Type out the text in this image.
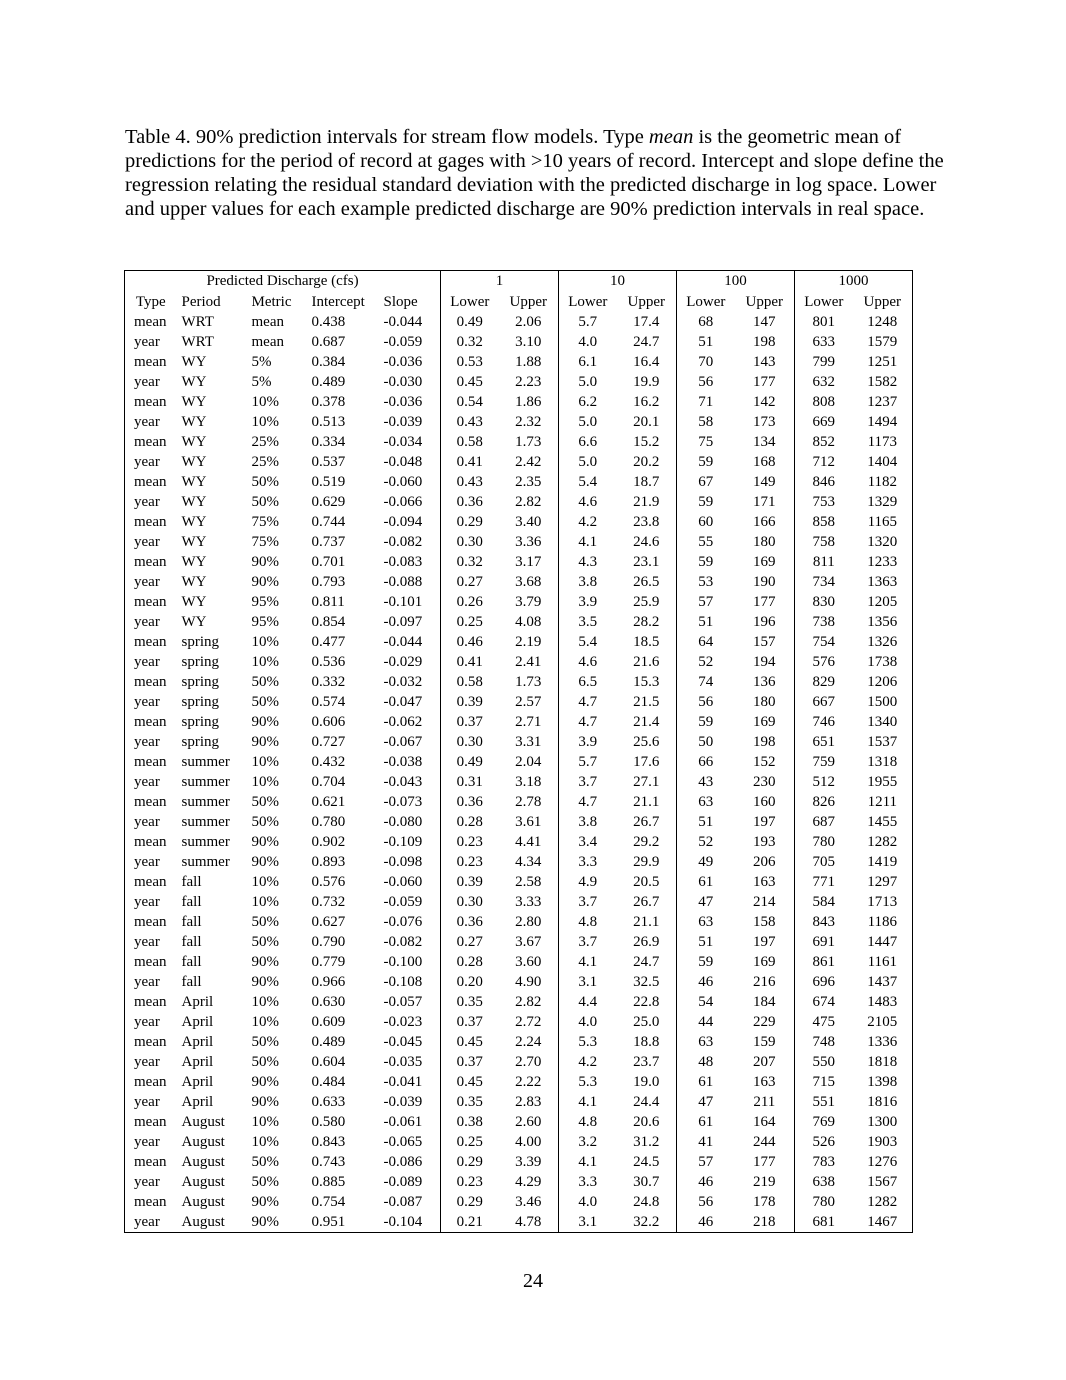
Table 4. 90% prediction intervals for stream flow models. Type mean is the geometric mean of predictions for the period of record at gages with >10 years of record. Intercept and slope define the regression relating the residual standard deviation with the predicted discharge in log space. Lower and upper values for each example predicted discharge are 90% prediction intervals in real space.

Predicted Discharge (cfs)					1		10		100		1000	
Type	Period	Metric	Intercept	Slope	Lower	Upper	Lower	Upper	Lower	Upper	Lower	Upper
mean	WRT	mean	0.438	-0.044	0.49	2.06	5.7	17.4	68	147	801	1248
year	WRT	mean	0.687	-0.059	0.32	3.10	4.0	24.7	51	198	633	1579
mean	WY	5%	0.384	-0.036	0.53	1.88	6.1	16.4	70	143	799	1251
year	WY	5%	0.489	-0.030	0.45	2.23	5.0	19.9	56	177	632	1582
mean	WY	10%	0.378	-0.036	0.54	1.86	6.2	16.2	71	142	808	1237
year	WY	10%	0.513	-0.039	0.43	2.32	5.0	20.1	58	173	669	1494
mean	WY	25%	0.334	-0.034	0.58	1.73	6.6	15.2	75	134	852	1173
year	WY	25%	0.537	-0.048	0.41	2.42	5.0	20.2	59	168	712	1404
mean	WY	50%	0.519	-0.060	0.43	2.35	5.4	18.7	67	149	846	1182
year	WY	50%	0.629	-0.066	0.36	2.82	4.6	21.9	59	171	753	1329
mean	WY	75%	0.744	-0.094	0.29	3.40	4.2	23.8	60	166	858	1165
year	WY	75%	0.737	-0.082	0.30	3.36	4.1	24.6	55	180	758	1320
mean	WY	90%	0.701	-0.083	0.32	3.17	4.3	23.1	59	169	811	1233
year	WY	90%	0.793	-0.088	0.27	3.68	3.8	26.5	53	190	734	1363
mean	WY	95%	0.811	-0.101	0.26	3.79	3.9	25.9	57	177	830	1205
year	WY	95%	0.854	-0.097	0.25	4.08	3.5	28.2	51	196	738	1356
mean	spring	10%	0.477	-0.044	0.46	2.19	5.4	18.5	64	157	754	1326
year	spring	10%	0.536	-0.029	0.41	2.41	4.6	21.6	52	194	576	1738
mean	spring	50%	0.332	-0.032	0.58	1.73	6.5	15.3	74	136	829	1206
year	spring	50%	0.574	-0.047	0.39	2.57	4.7	21.5	56	180	667	1500
mean	spring	90%	0.606	-0.062	0.37	2.71	4.7	21.4	59	169	746	1340
year	spring	90%	0.727	-0.067	0.30	3.31	3.9	25.6	50	198	651	1537
mean	summer	10%	0.432	-0.038	0.49	2.04	5.7	17.6	66	152	759	1318
year	summer	10%	0.704	-0.043	0.31	3.18	3.7	27.1	43	230	512	1955
mean	summer	50%	0.621	-0.073	0.36	2.78	4.7	21.1	63	160	826	1211
year	summer	50%	0.780	-0.080	0.28	3.61	3.8	26.7	51	197	687	1455
mean	summer	90%	0.902	-0.109	0.23	4.41	3.4	29.2	52	193	780	1282
year	summer	90%	0.893	-0.098	0.23	4.34	3.3	29.9	49	206	705	1419
mean	fall	10%	0.576	-0.060	0.39	2.58	4.9	20.5	61	163	771	1297
year	fall	10%	0.732	-0.059	0.30	3.33	3.7	26.7	47	214	584	1713
mean	fall	50%	0.627	-0.076	0.36	2.80	4.8	21.1	63	158	843	1186
year	fall	50%	0.790	-0.082	0.27	3.67	3.7	26.9	51	197	691	1447
mean	fall	90%	0.779	-0.100	0.28	3.60	4.1	24.7	59	169	861	1161
year	fall	90%	0.966	-0.108	0.20	4.90	3.1	32.5	46	216	696	1437
mean	April	10%	0.630	-0.057	0.35	2.82	4.4	22.8	54	184	674	1483
year	April	10%	0.609	-0.023	0.37	2.72	4.0	25.0	44	229	475	2105
mean	April	50%	0.489	-0.045	0.45	2.24	5.3	18.8	63	159	748	1336
year	April	50%	0.604	-0.035	0.37	2.70	4.2	23.7	48	207	550	1818
mean	April	90%	0.484	-0.041	0.45	2.22	5.3	19.0	61	163	715	1398
year	April	90%	0.633	-0.039	0.35	2.83	4.1	24.4	47	211	551	1816
mean	August	10%	0.580	-0.061	0.38	2.60	4.8	20.6	61	164	769	1300
year	August	10%	0.843	-0.065	0.25	4.00	3.2	31.2	41	244	526	1903
mean	August	50%	0.743	-0.086	0.29	3.39	4.1	24.5	57	177	783	1276
year	August	50%	0.885	-0.089	0.23	4.29	3.3	30.7	46	219	638	1567
mean	August	90%	0.754	-0.087	0.29	3.46	4.0	24.8	56	178	780	1282
year	August	90%	0.951	-0.104	0.21	4.78	3.1	32.2	46	218	681	1467
24
